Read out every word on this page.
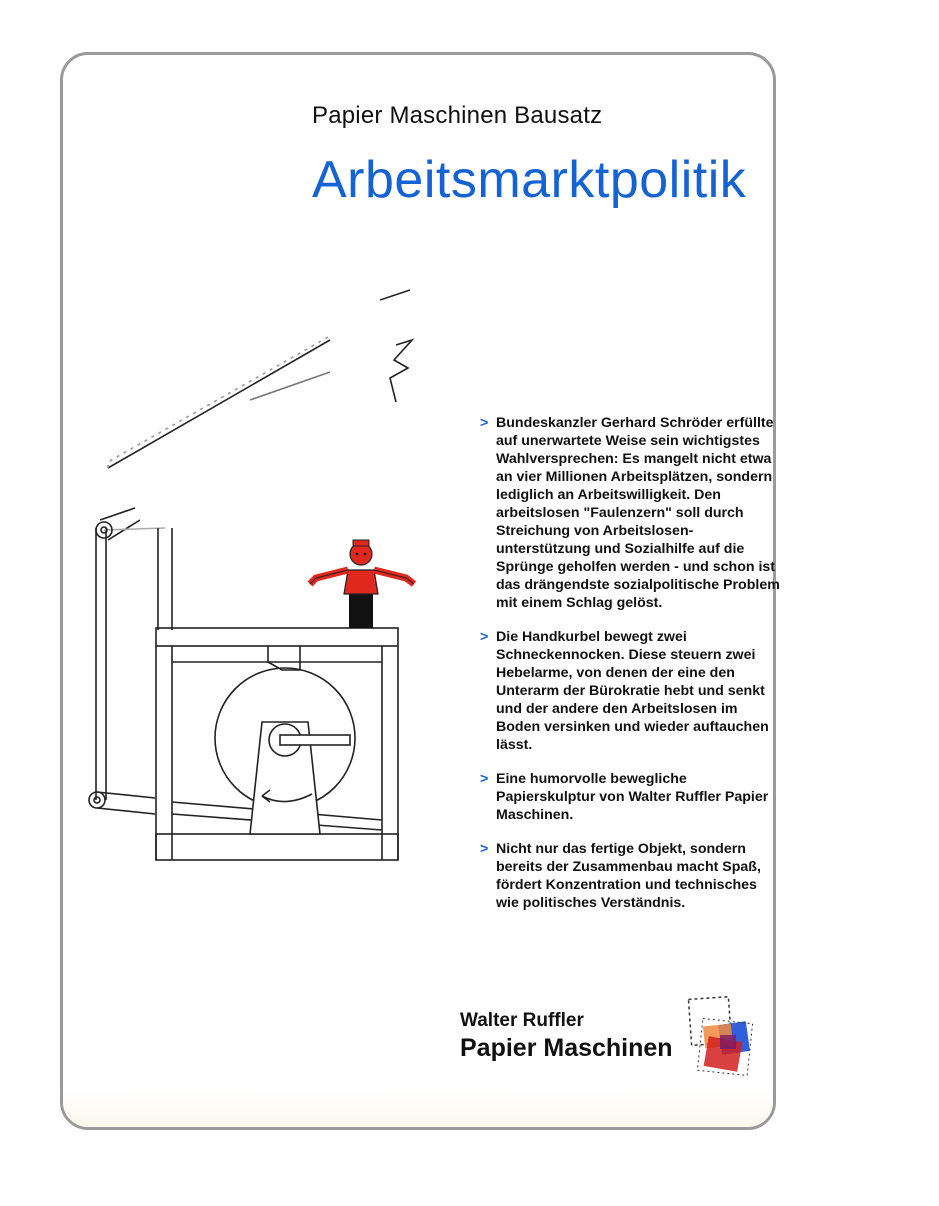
Papier Maschinen Bausatz
Arbeitsmarktpolitik
> Bundeskanzler Gerhard Schröder erfüllte auf unerwartete Weise sein wichtigstes Wahlversprechen: Es mangelt nicht etwa an vier Millionen Arbeitsplätzen, sondern lediglich an Arbeitswilligkeit. Den arbeitslosen "Faulenzern" soll durch Streichung von Arbeitslosen-unterstützung und Sozialhilfe auf die Sprünge geholfen werden - und schon ist das drängendste sozialpolitische Problem mit einem Schlag gelöst.
> Die Handkurbel bewegt zwei Schneckennocken. Diese steuern zwei Hebelarme, von denen der eine den Unterarm der Bürokratie hebt und senkt und der andere den Arbeitslosen im Boden versinken und wieder auftauchen lässt.
> Eine humorvolle bewegliche Papierskulptur von Walter Ruffler Papier Maschinen.
> Nicht nur das fertige Objekt, sondern bereits der Zusammenbau macht Spaß, fördert Konzentration und technisches wie politisches Verständnis.
Walter Ruffler
Papier Maschinen
